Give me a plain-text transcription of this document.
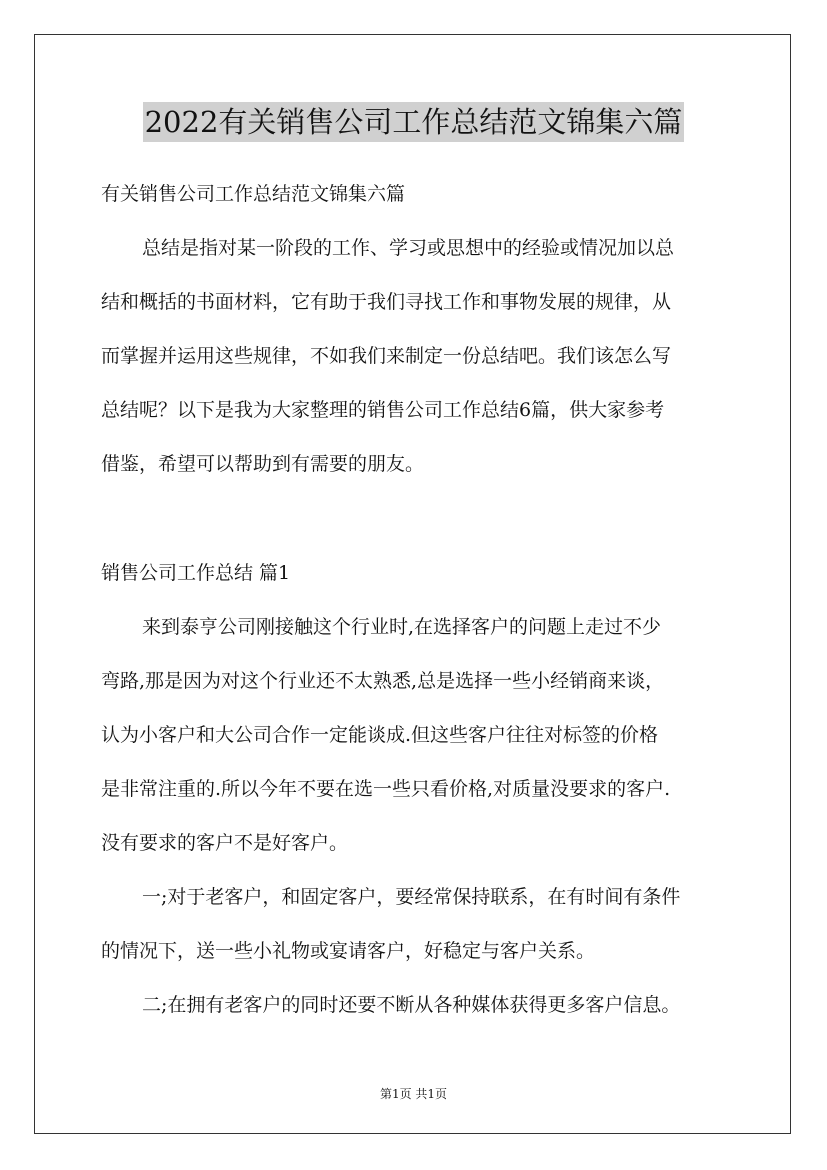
2022有关销售公司工作总结范文锦集六篇
有关销售公司工作总结范文锦集六篇
总结是指对某一阶段的工作、学习或思想中的经验或情况加以总
结和概括的书面材料，它有助于我们寻找工作和事物发展的规律，从
而掌握并运用这些规律，不如我们来制定一份总结吧。我们该怎么写
总结呢？以下是我为大家整理的销售公司工作总结6篇，供大家参考
借鉴，希望可以帮助到有需要的朋友。
销售公司工作总结 篇1
来到泰亨公司刚接触这个行业时,在选择客户的问题上走过不少
弯路,那是因为对这个行业还不太熟悉,总是选择一些小经销商来谈，
认为小客户和大公司合作一定能谈成.但这些客户往往对标签的价格
是非常注重的.所以今年不要在选一些只看价格,对质量没要求的客户.
没有要求的客户不是好客户。
一;对于老客户，和固定客户，要经常保持联系，在有时间有条件
的情况下，送一些小礼物或宴请客户，好稳定与客户关系。
二;在拥有老客户的同时还要不断从各种媒体获得更多客户信息。
第1页 共1页
